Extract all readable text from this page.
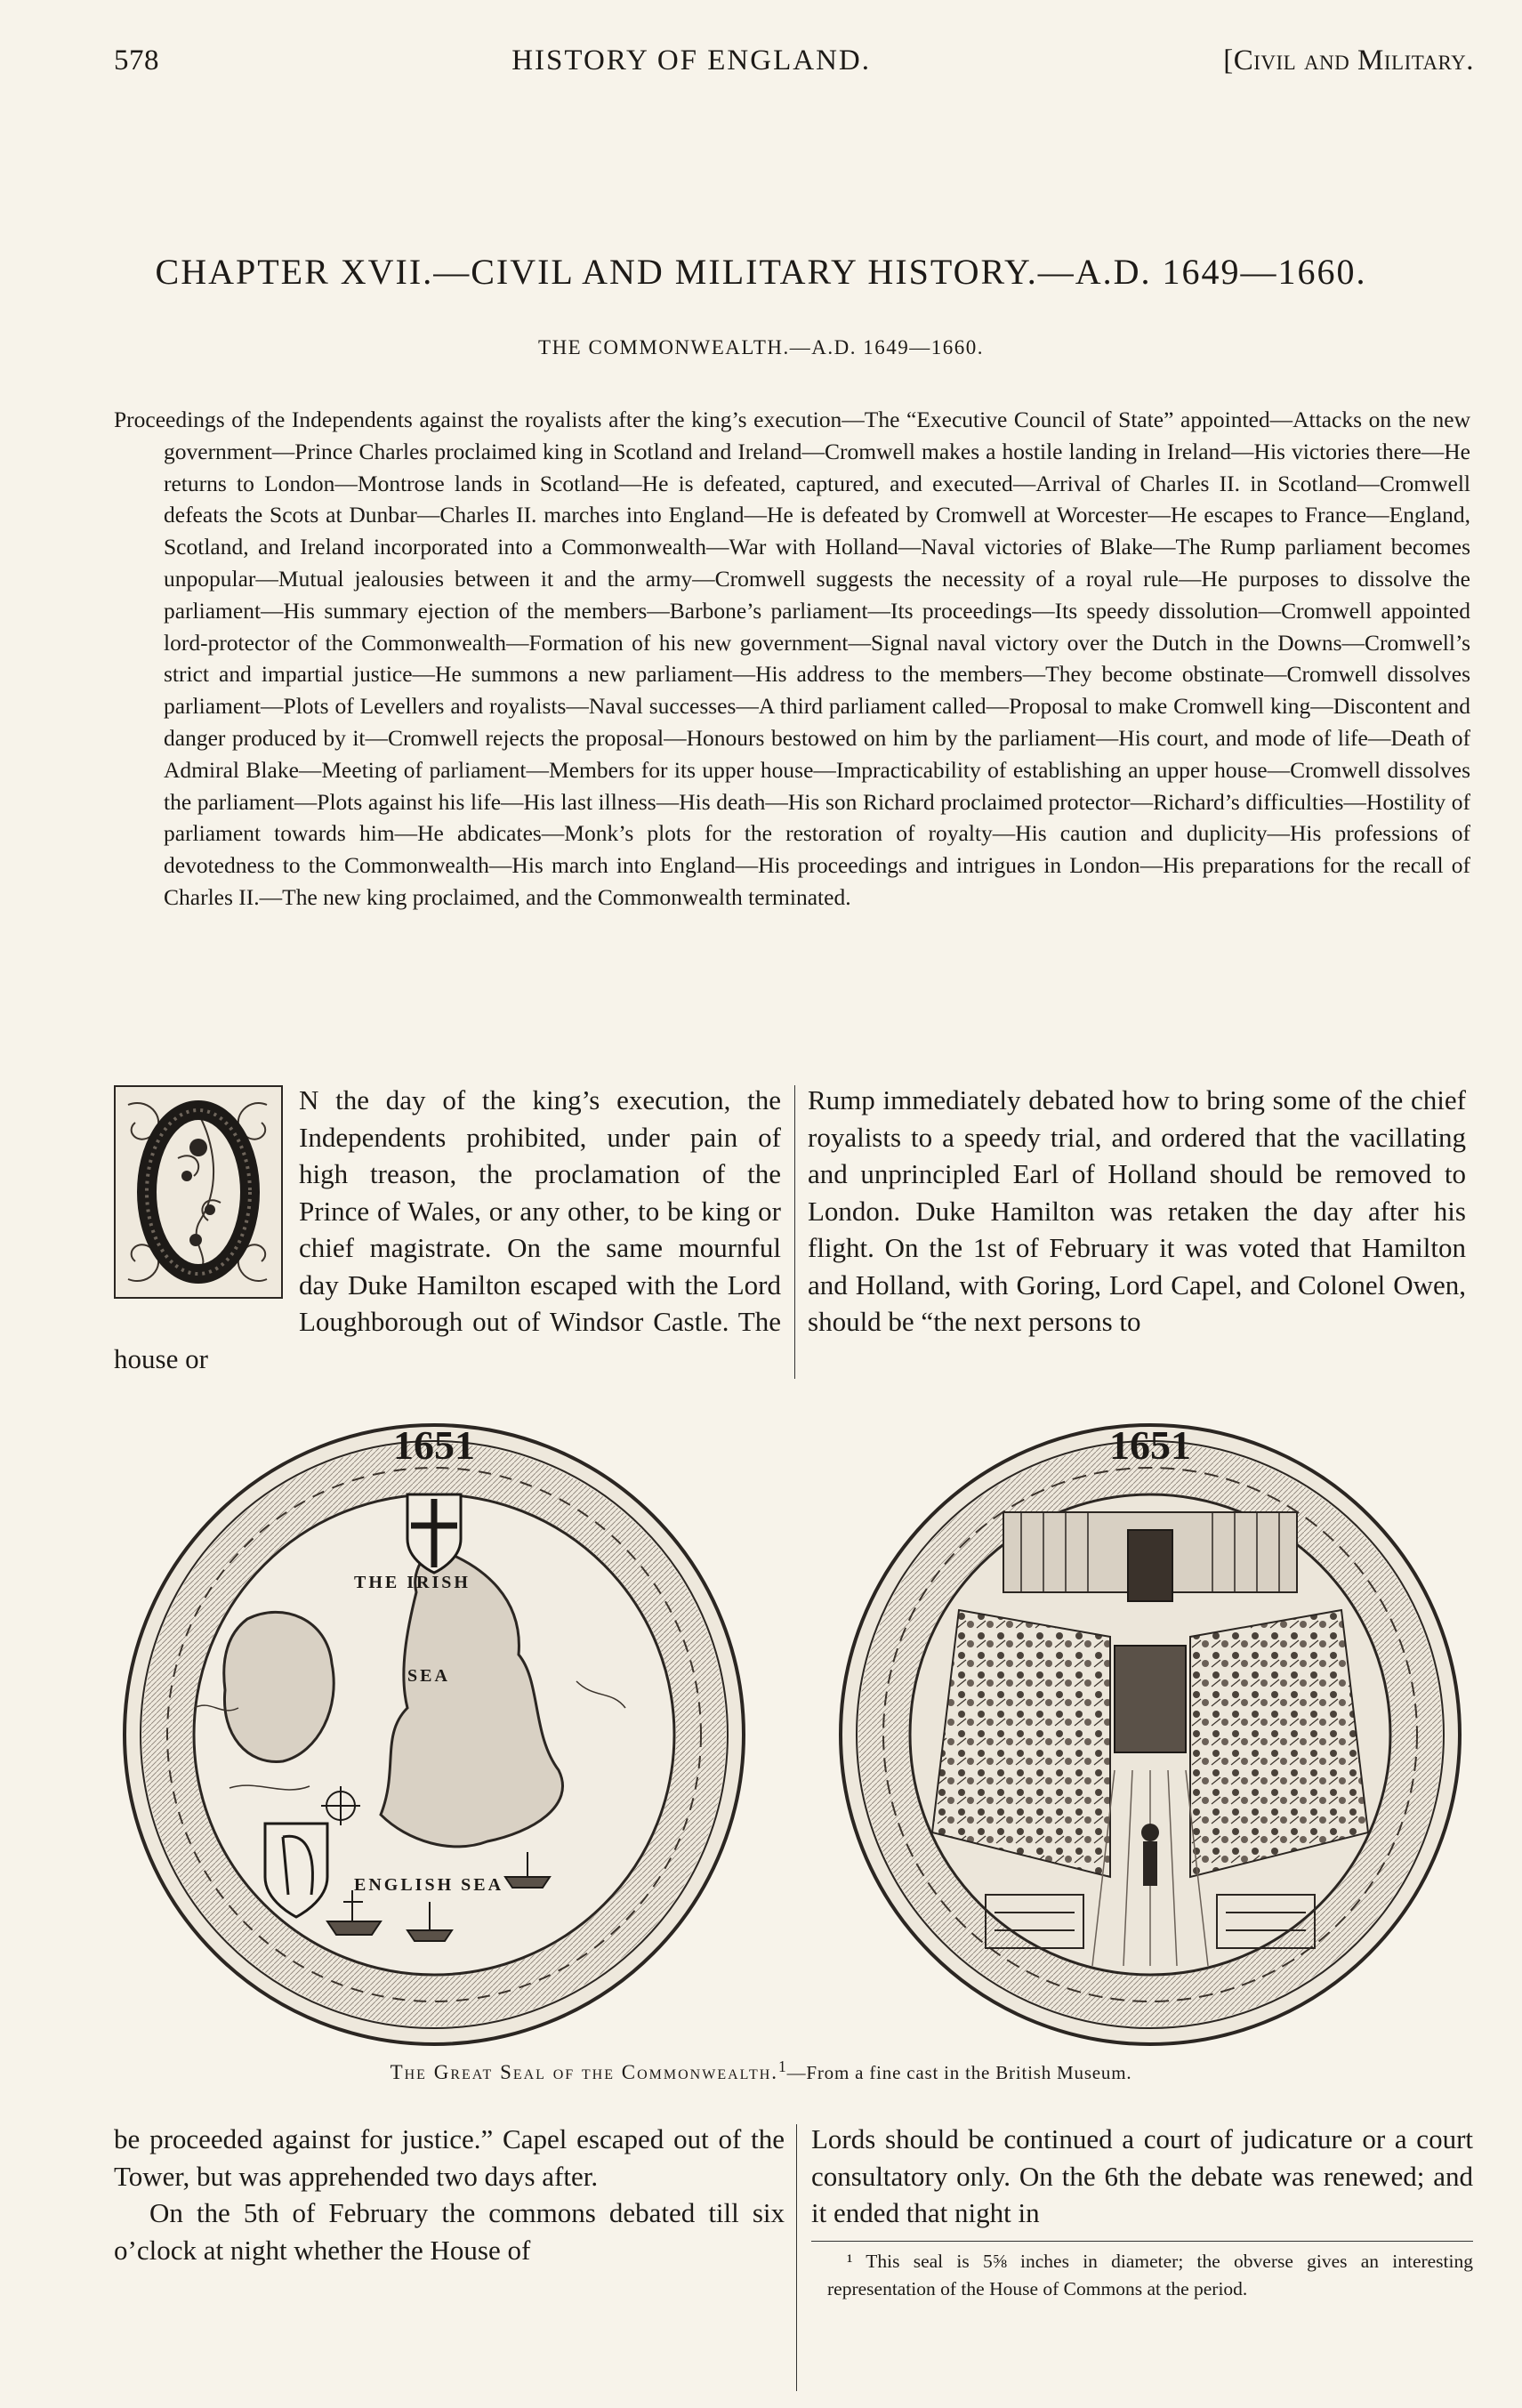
578	HISTORY OF ENGLAND.	[Civil and Military.
CHAPTER XVII.—CIVIL AND MILITARY HISTORY.—A.D. 1649—1660.
THE COMMONWEALTH.—A.D. 1649—1660.
Proceedings of the Independents against the royalists after the king’s execution—The “Executive Council of State” appointed—Attacks on the new government—Prince Charles proclaimed king in Scotland and Ireland—Cromwell makes a hostile landing in Ireland—His victories there—He returns to London—Montrose lands in Scotland—He is defeated, captured, and executed—Arrival of Charles II. in Scotland—Cromwell defeats the Scots at Dunbar—Charles II. marches into England—He is defeated by Cromwell at Worcester—He escapes to France—England, Scotland, and Ireland incorporated into a Commonwealth—War with Holland—Naval victories of Blake—The Rump parliament becomes unpopular—Mutual jealousies between it and the army—Cromwell suggests the necessity of a royal rule—He purposes to dissolve the parliament—His summary ejection of the members—Barbone’s parliament—Its proceedings—Its speedy dissolution—Cromwell appointed lord-protector of the Commonwealth—Formation of his new government—Signal naval victory over the Dutch in the Downs—Cromwell’s strict and impartial justice—He summons a new parliament—His address to the members—They become obstinate—Cromwell dissolves parliament—Plots of Levellers and royalists—Naval successes—A third parliament called—Proposal to make Cromwell king—Discontent and danger produced by it—Cromwell rejects the proposal—Honours bestowed on him by the parliament—His court, and mode of life—Death of Admiral Blake—Meeting of parliament—Members for its upper house—Impracticability of establishing an upper house—Cromwell dissolves the parliament—Plots against his life—His last illness—His death—His son Richard proclaimed protector—Richard’s difficulties—Hostility of parliament towards him—He abdicates—Monk’s plots for the restoration of royalty—His caution and duplicity—His professions of devotedness to the Commonwealth—His march into England—His proceedings and intrigues in London—His preparations for the recall of Charles II.—The new king proclaimed, and the Commonwealth terminated.

N the day of the king’s execution, the Independents prohibited, under pain of high treason, the proclamation of the Prince of Wales, or any other, to be king or chief magistrate. On the same mournful day Duke Hamilton escaped with the Lord Loughborough out of Windsor Castle. The house or

Rump immediately debated how to bring some of the chief royalists to a speedy trial, and ordered that the vacillating and unprincipled Earl of Holland should be removed to London. Duke Hamilton was retaken the day after his flight. On the 1st of February it was voted that Hamilton and Holland, with Goring, Lord Capel, and Colonel Owen, should be “the next persons to

1651
THE IRISH
SEA
ENGLISH SEA
1651
The Great Seal of the Commonwealth.$^1$—From a fine cast in the British Museum.

be proceeded against for justice.” Capel escaped out of the Tower, but was apprehended two days after.

On the 5th of February the commons debated till six o’clock at night whether the House of

Lords should be continued a court of judicature or a court consultatory only. On the 6th the debate was renewed; and it ended that night in

¹ This seal is 5⅝ inches in diameter; the obverse gives an interesting representation of the House of Commons at the period.
